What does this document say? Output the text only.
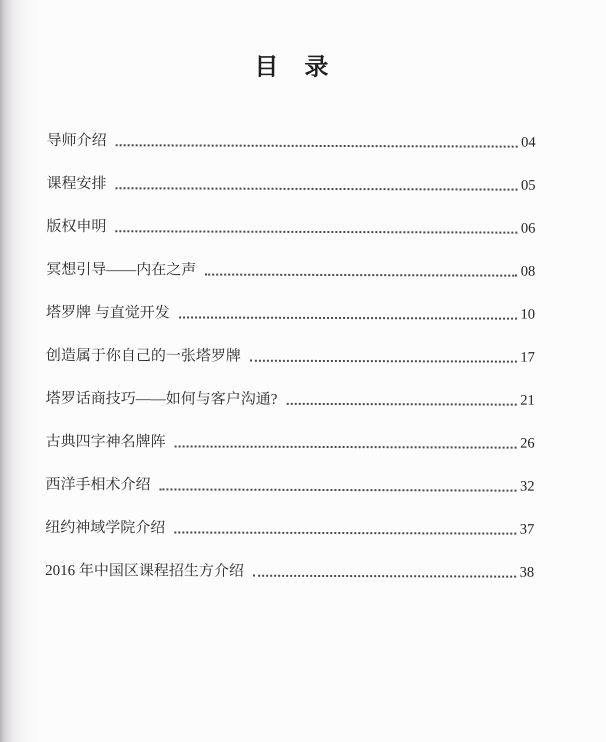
目 录
导师介绍	04
课程安排	05
版权申明	06
冥想引导——内在之声	08
塔罗牌 与直觉开发	10
创造属于你自己的一张塔罗牌	17
塔罗话商技巧——如何与客户沟通?	21
古典四字神名牌阵	26
西洋手相术介绍	32
纽约神域学院介绍	37
2016 年中国区课程招生方介绍	38
